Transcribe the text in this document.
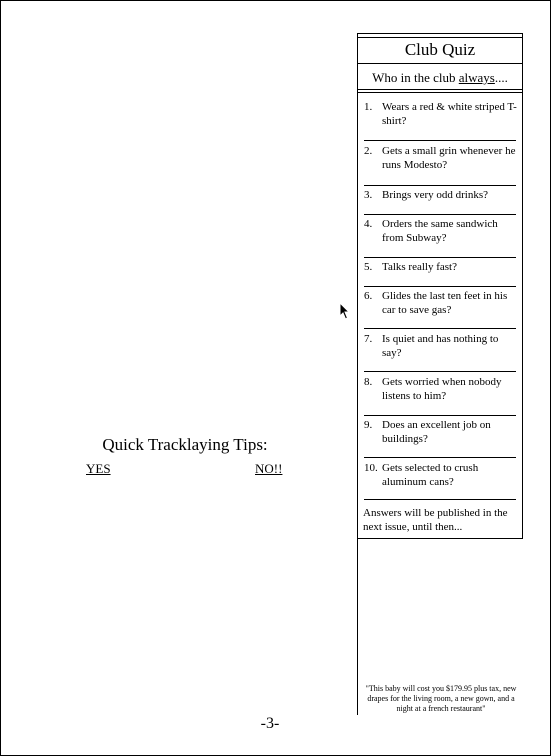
Club Quiz
Who in the club always....
1. Wears a red & white striped T-shirt?
2. Gets a small grin whenever he runs Modesto?
3. Brings very odd drinks?
4. Orders the same sandwich from Subway?
5. Talks really fast?
6. Glides the last ten feet in his car to save gas?
7. Is quiet and has nothing to say?
8. Gets worried when nobody listens to him?
9. Does an excellent job on buildings?
10. Gets selected to crush aluminum cans?
Answers will be published in the next issue, until then...
Quick Tracklaying Tips:
YES	NO!!
"This baby will cost you $179.95 plus tax, new drapes for the living room, a new gown, and a night at a french restaurant"
-3-
